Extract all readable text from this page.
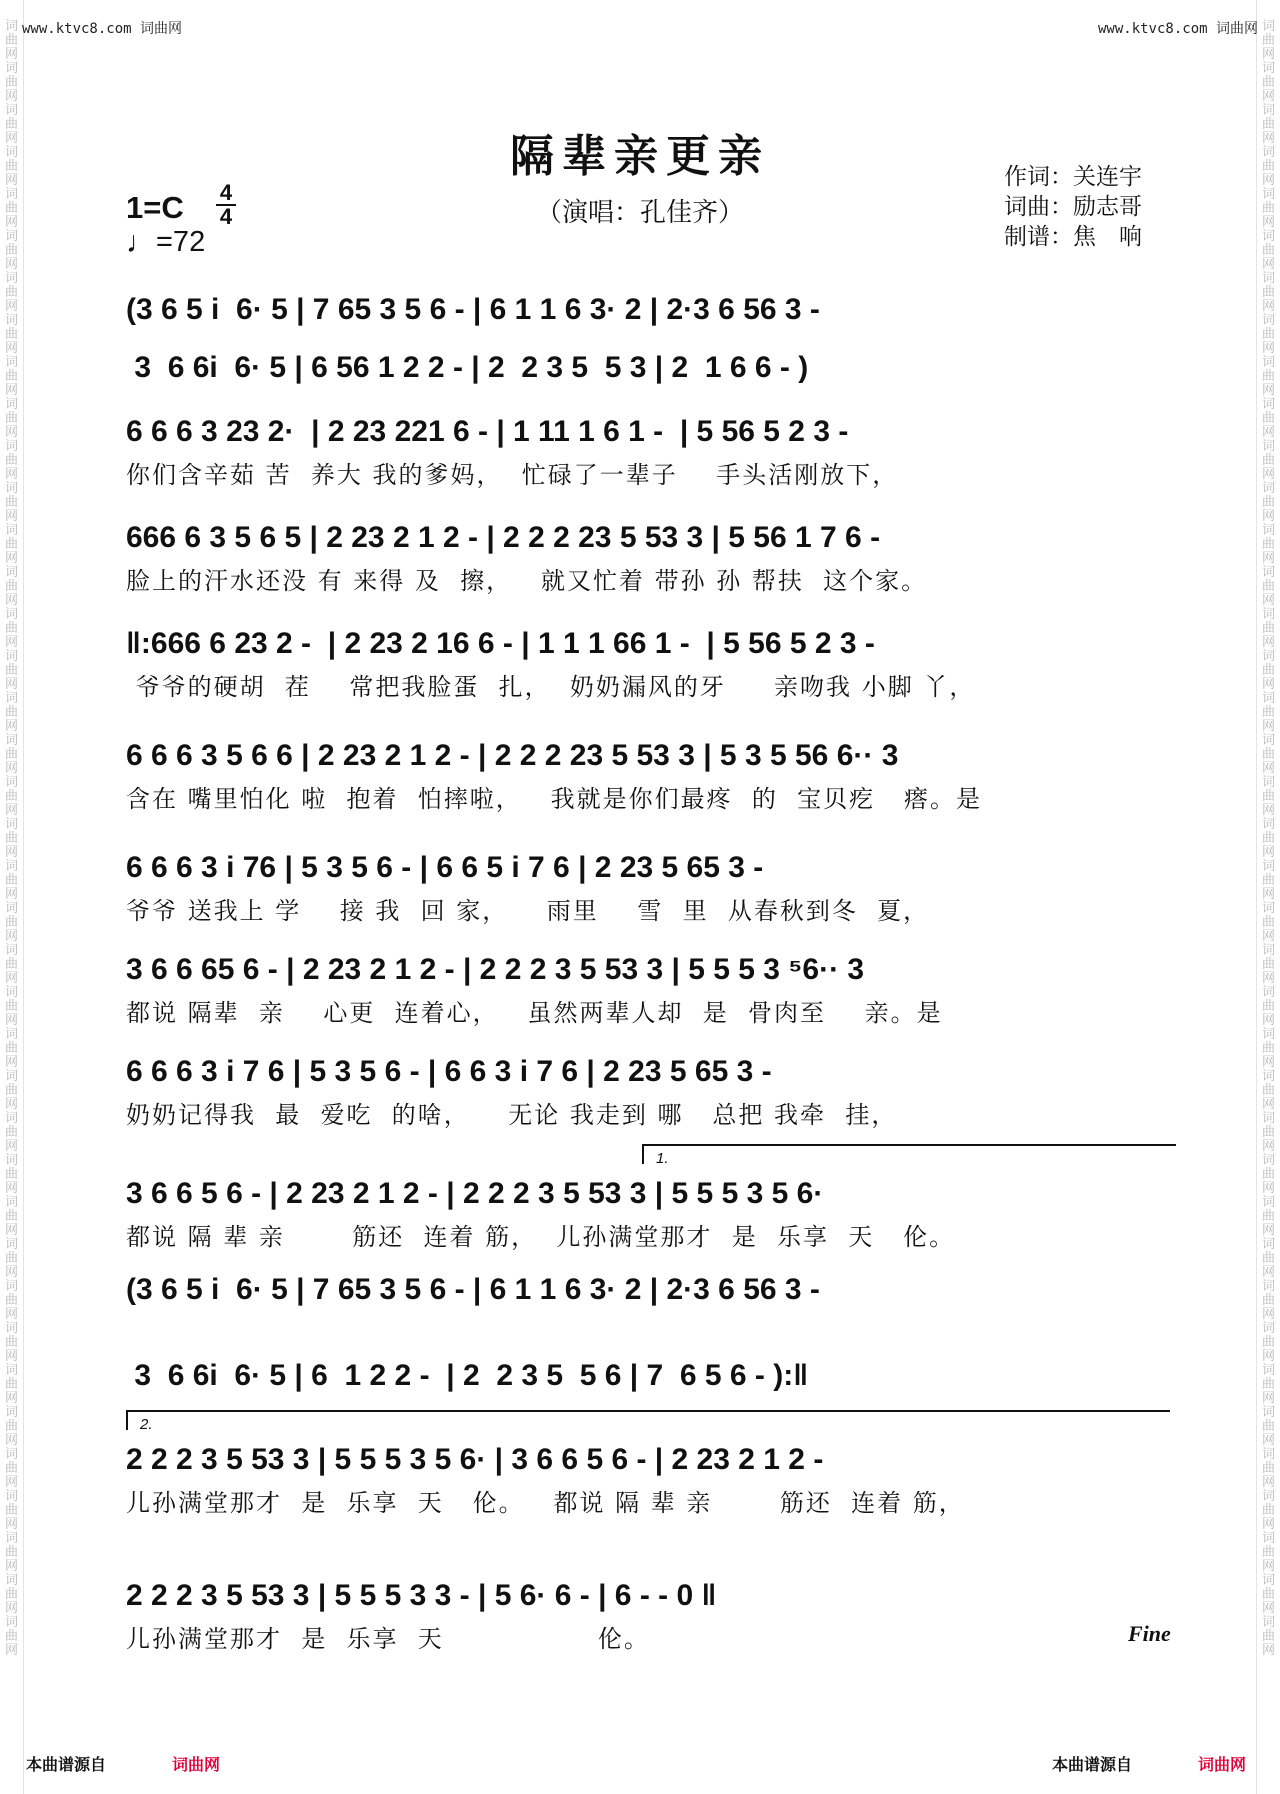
词曲网词曲网词曲网词曲网词曲网词曲网词曲网词曲网词曲网词曲网词曲网词曲网词曲网词曲网词曲网词曲网词曲网词曲网词曲网词曲网词曲网词曲网词曲网词曲网词曲网词曲网词曲网词曲网词曲网词曲网词曲网词曲网词曲网词曲网词曲网词曲网词曲网词曲网词曲网
词曲网词曲网词曲网词曲网词曲网词曲网词曲网词曲网词曲网词曲网词曲网词曲网词曲网词曲网词曲网词曲网词曲网词曲网词曲网词曲网词曲网词曲网词曲网词曲网词曲网词曲网词曲网词曲网词曲网词曲网词曲网词曲网词曲网词曲网词曲网词曲网词曲网词曲网词曲网
www.ktvc8.com 词曲网	www.ktvc8.com 词曲网
隔辈亲更亲
（演唱：孔佳齐）
作词：关连宇
词曲：励志哥
制谱：焦　响
1=C 4
4
♩=72
(3 6 5 i  6· 5 | 7 65 3 5 6 - | 6 1 1 6 3· 2 | 2·3 6 56 3 -
3  6 6i  6· 5 | 6 56 1 2 2 - | 2  2 3 5  5 3 | 2  1 6 6 - )
6 6 6 3 23 2·  | 2 23 221 6 - | 1 11 1 6 1 -  | 5 56 5 2 3 -
你们含辛茹 苦  养大 我的爹妈，  忙碌了一辈子    手头活刚放下，
666 6 3 5 6 5 | 2 23 2 1 2 - | 2 2 2 23 5 53 3 | 5 56 1 7 6 -
脸上的汗水还没 有 来得 及  擦，   就又忙着 带孙 孙 帮扶  这个家。
‖:666 6 23 2 -  | 2 23 2 16 6 - | 1 1 1 66 1 -  | 5 56 5 2 3 -
爷爷的硬胡  茬    常把我脸蛋  扎，  奶奶漏风的牙     亲吻我 小脚 丫，
6 6 6 3 5 6 6 | 2 23 2 1 2 - | 2 2 2 23 5 53 3 | 5 3 5 56 6·· 3
含在 嘴里怕化 啦  抱着  怕摔啦，   我就是你们最疼  的  宝贝疙   瘩。是
6 6 6 3 i 76 | 5 3 5 6 - | 6 6 5 i 7 6 | 2 23 5 65 3 -
爷爷 送我上 学    接 我  回 家，    雨里    雪  里  从春秋到冬  夏，
3 6 6 65 6 - | 2 23 2 1 2 - | 2 2 2 3 5 53 3 | 5 5 5 3 ⁵6·· 3
都说 隔辈  亲    心更  连着心，   虽然两辈人却  是  骨肉至    亲。是
6 6 6 3 i 7 6 | 5 3 5 6 - | 6 6 3 i 7 6 | 2 23 5 65 3 -
奶奶记得我  最  爱吃  的啥，    无论 我走到 哪   总把 我牵  挂，
1.
3 6 6 5 6 - | 2 23 2 1 2 - | 2 2 2 3 5 53 3 | 5 5 5 3 5 6·
都说 隔 辈 亲       筋还  连着 筋，  儿孙满堂那才  是  乐享  天   伦。
(3 6 5 i  6· 5 | 7 65 3 5 6 - | 6 1 1 6 3· 2 | 2·3 6 56 3 -
3  6 6i  6· 5 | 6  1 2 2 -  | 2  2 3 5  5 6 | 7  6 5 6 - ):‖
2.
2 2 2 3 5 53 3 | 5 5 5 3 5 6· | 3 6 6 5 6 - | 2 23 2 1 2 -
儿孙满堂那才  是  乐享  天   伦。   都说 隔 辈 亲       筋还  连着 筋，
2 2 2 3 5 53 3 | 5 5 5 3 3 - | 5 6· 6 - | 6 - - 0 ‖
儿孙满堂那才  是  乐享  天                伦。	Fine
本曲谱源自	词曲网	本曲谱源自	词曲网
